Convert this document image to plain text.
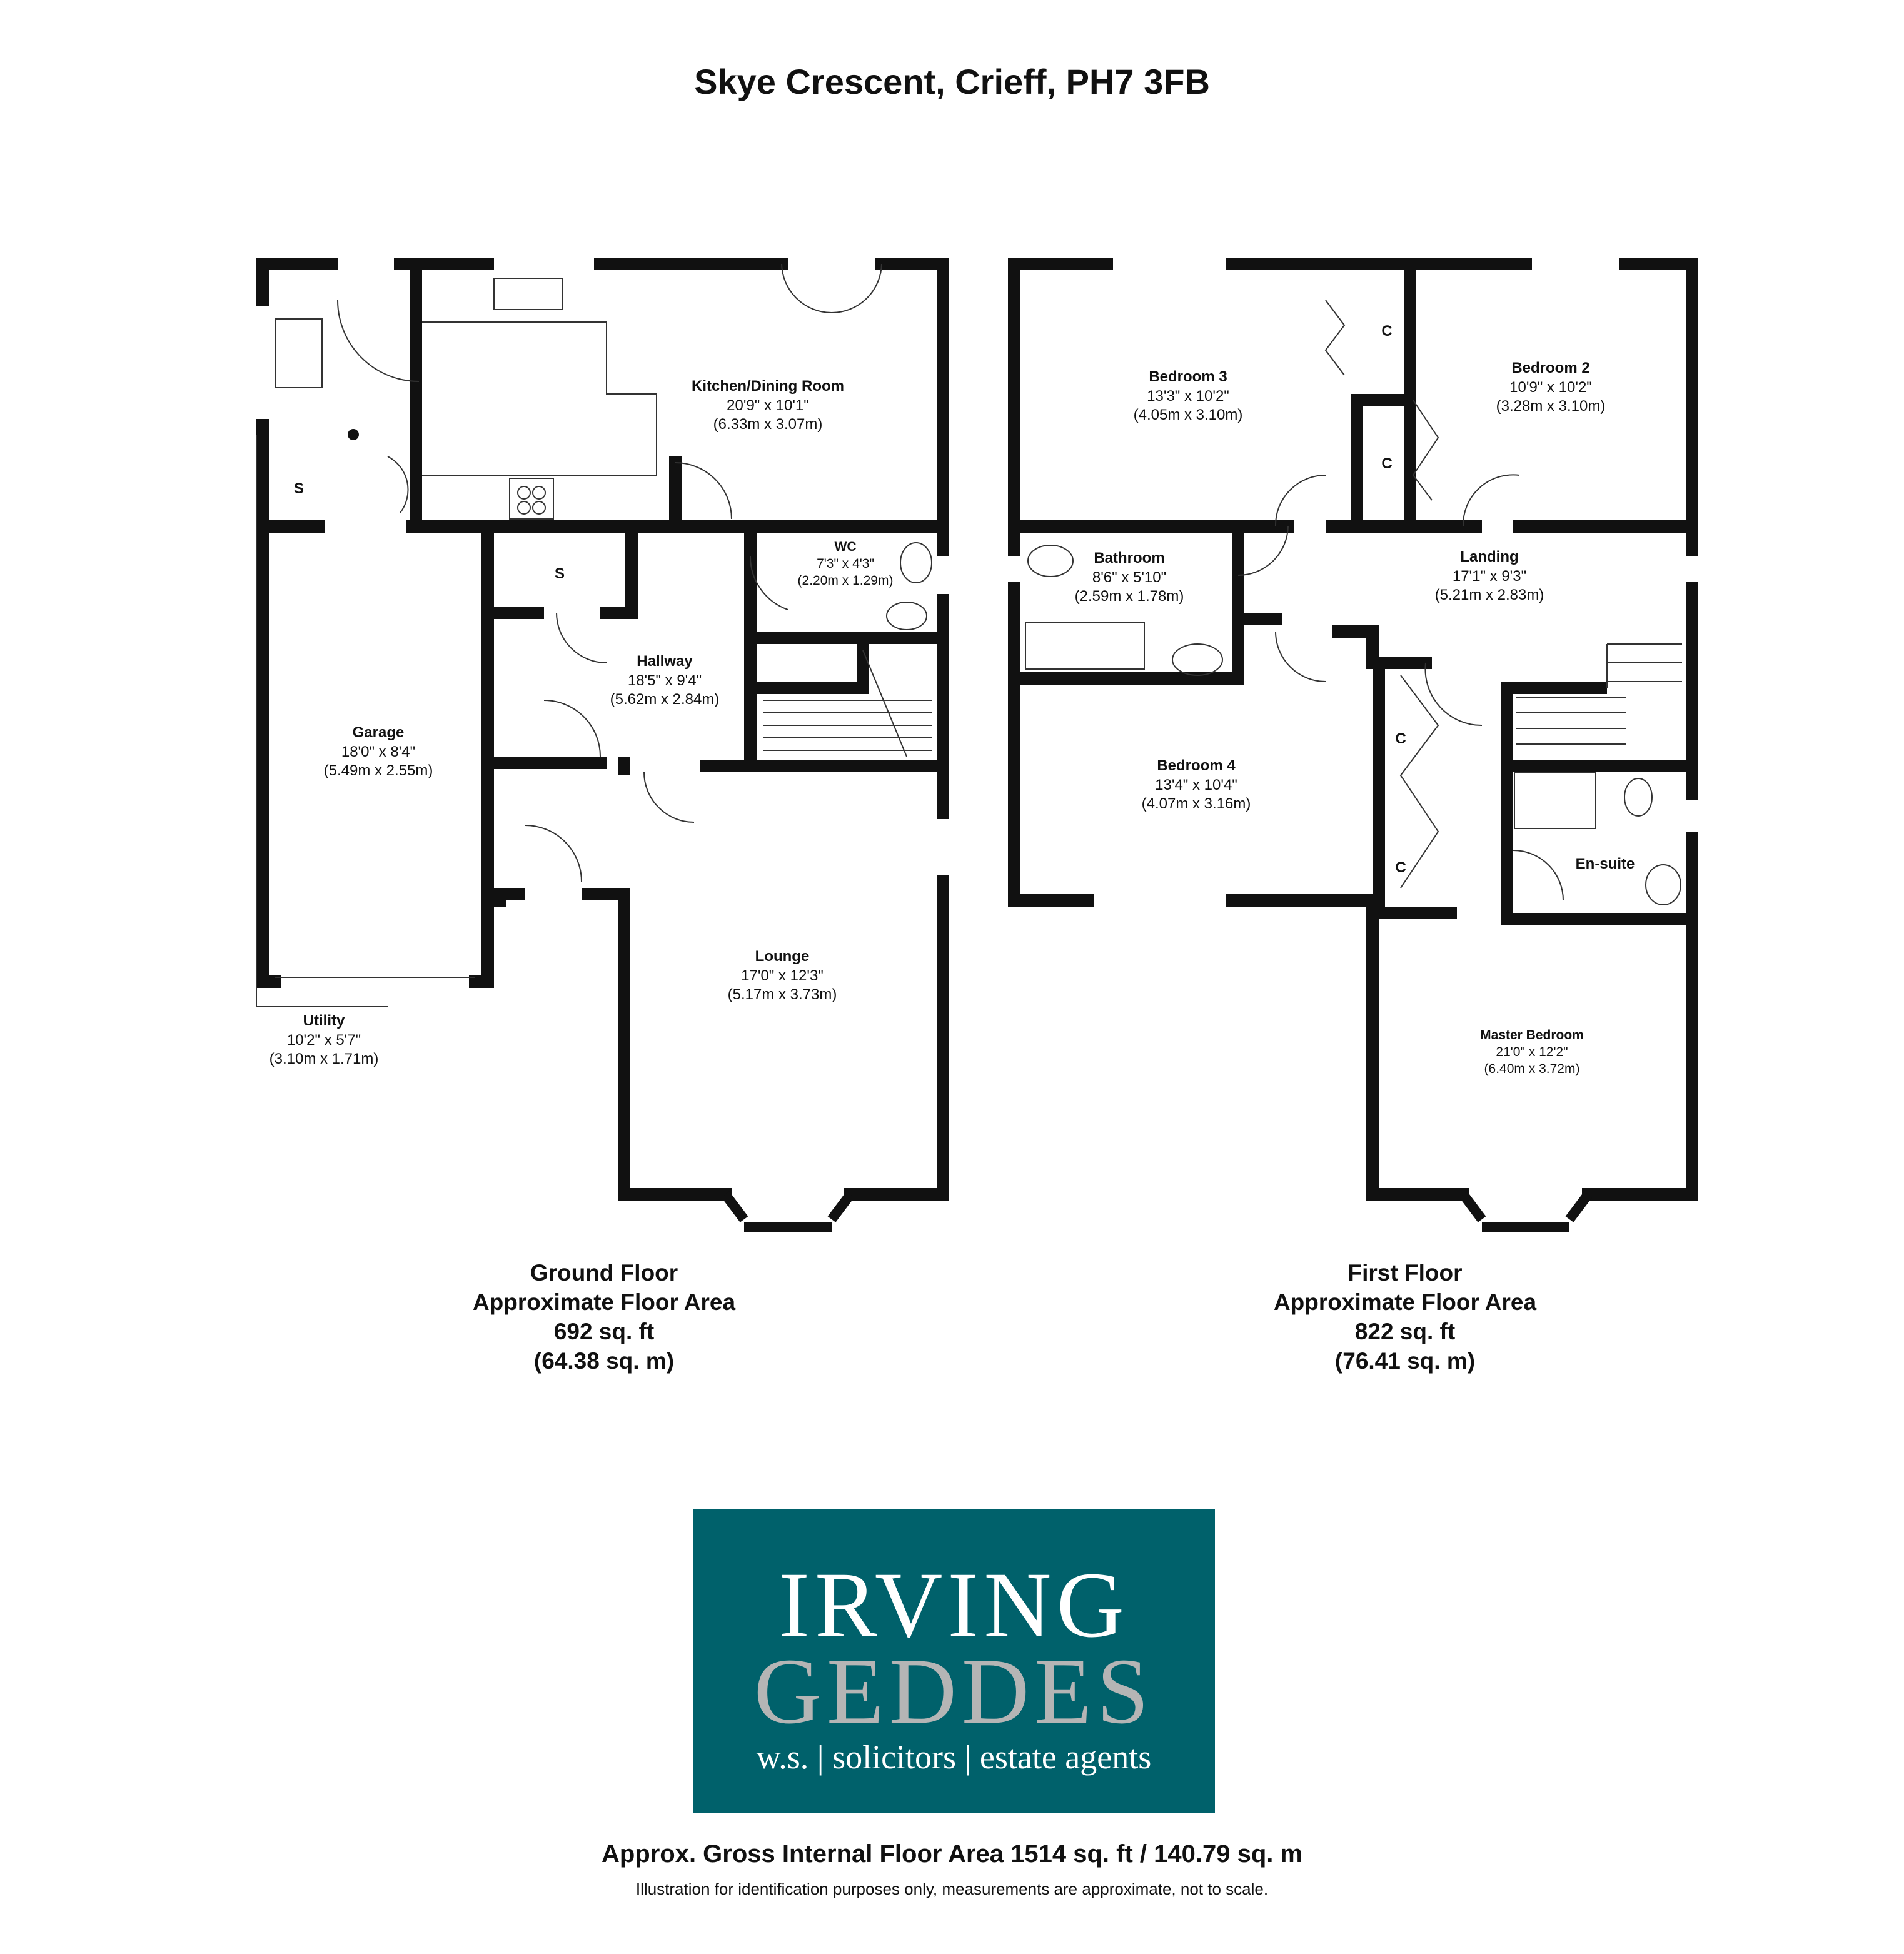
Skye Crescent, Crieff, PH7 3FB
Kitchen/Dining Room
20'9" x 10'1"
(6.33m x 3.07m)
WC
7'3" x 4'3"
(2.20m x 1.29m)
Hallway
18'5" x 9'4"
(5.62m x 2.84m)
Garage
18'0" x 8'4"
(5.49m x 2.55m)
Lounge
17'0" x 12'3"
(5.17m x 3.73m)
Utility
10'2" x 5'7"
(3.10m x 1.71m)
Bedroom 3
13'3" x 10'2"
(4.05m x 3.10m)
Bedroom 2
10'9" x 10'2"
(3.28m x 3.10m)
Bathroom
8'6" x 5'10"
(2.59m x 1.78m)
Landing
17'1" x 9'3"
(5.21m x 2.83m)
Bedroom 4
13'4" x 10'4"
(4.07m x 3.16m)
En-suite
Master Bedroom
21'0" x 12'2"
(6.40m x 3.72m)
S
S
C
C
C
C
Ground Floor
Approximate Floor Area
692 sq. ft
(64.38 sq. m)
First Floor
Approximate Floor Area
822 sq. ft
(76.41 sq. m)
IRVING
GEDDES
w.s. | solicitors | estate agents
Approx. Gross Internal Floor Area 1514 sq. ft / 140.79 sq. m
Illustration for identification purposes only, measurements are approximate, not to scale.
